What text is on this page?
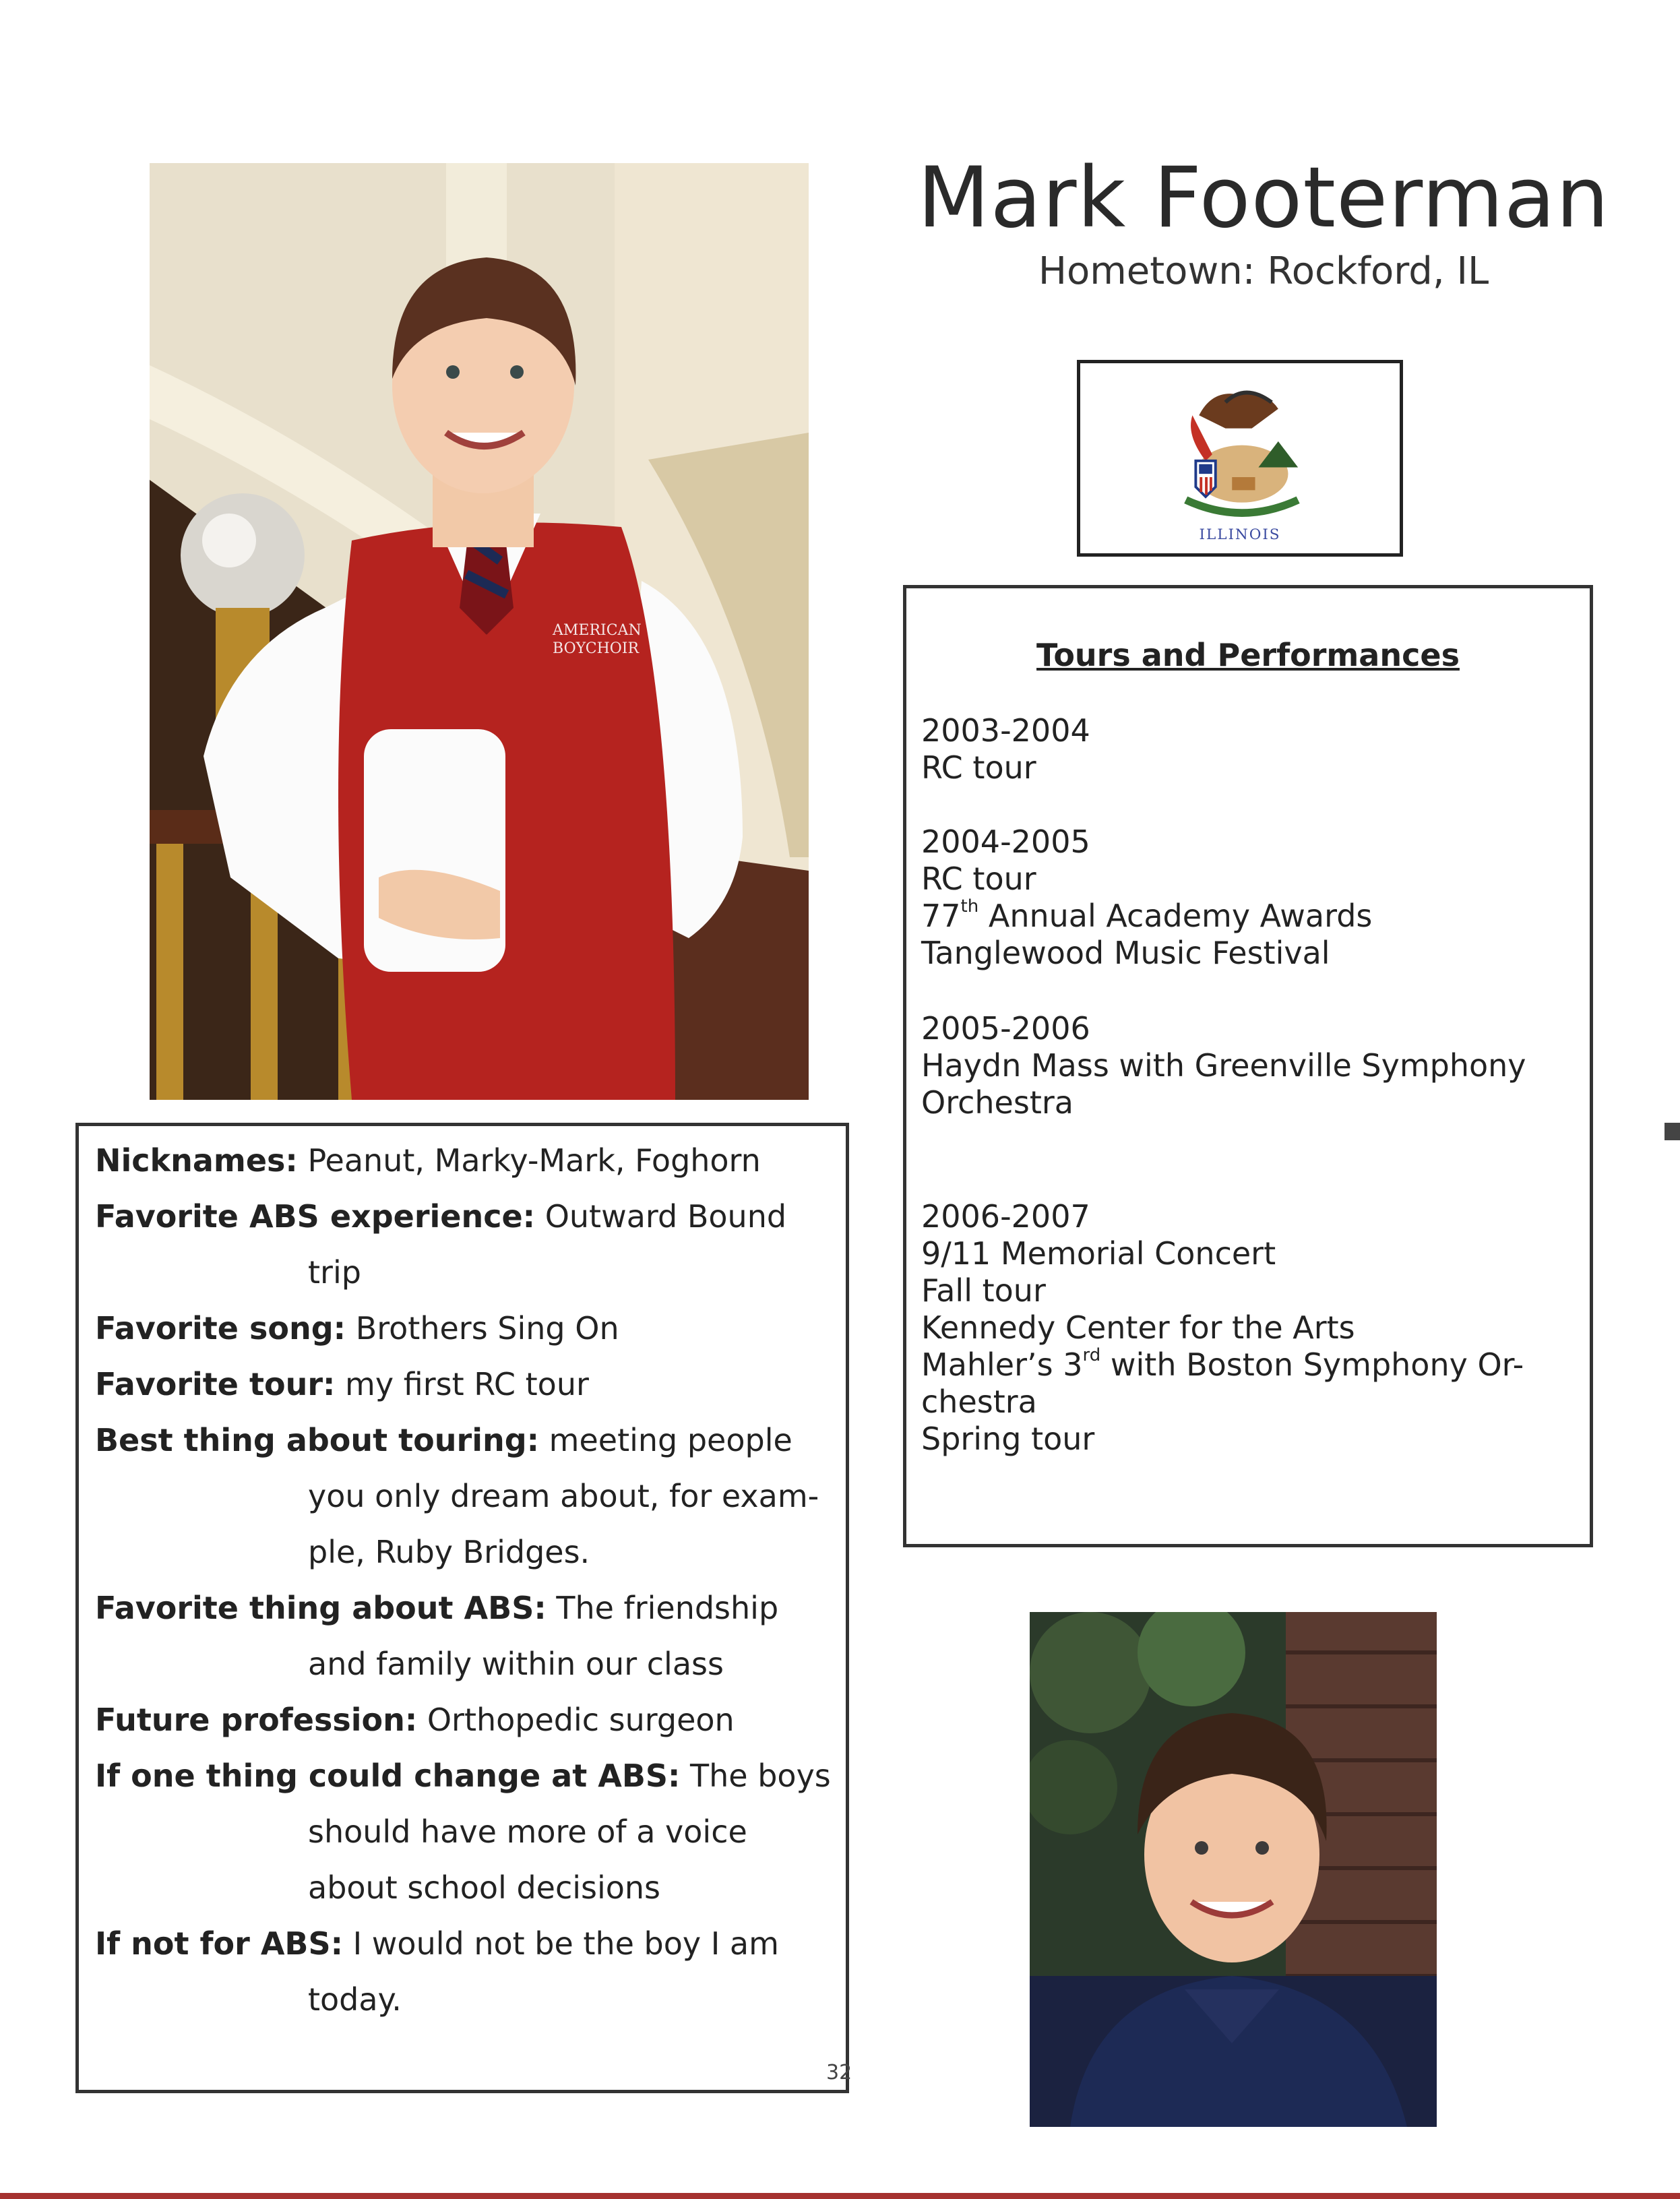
AMERICAN
BOYCHOIR
Mark Footerman
Hometown: Rockford, IL
ILLINOIS
Tours and Performances
2003-2004
RC tour
2004-2005
RC tour
77th Annual Academy Awards
Tanglewood Music Festival
2005-2006
Haydn Mass with Greenville Symphony
Orchestra
2006-2007
9/11 Memorial Concert
Fall tour
Kennedy Center for the Arts
Mahler’s 3rd with Boston Symphony Or-
chestra
Spring tour
Nicknames: Peanut, Marky-Mark, Foghorn
Favorite ABS experience: Outward Bound
trip
Favorite song: Brothers Sing On
Favorite tour: my first RC tour
Best thing about touring: meeting people
you only dream about, for exam-
ple, Ruby Bridges.
Favorite thing about ABS: The friendship
and family within our class
Future profession: Orthopedic surgeon
If one thing could change at ABS: The boys
should have more of a voice
about school decisions
If not for ABS: I would not be the boy I am
today.
32
